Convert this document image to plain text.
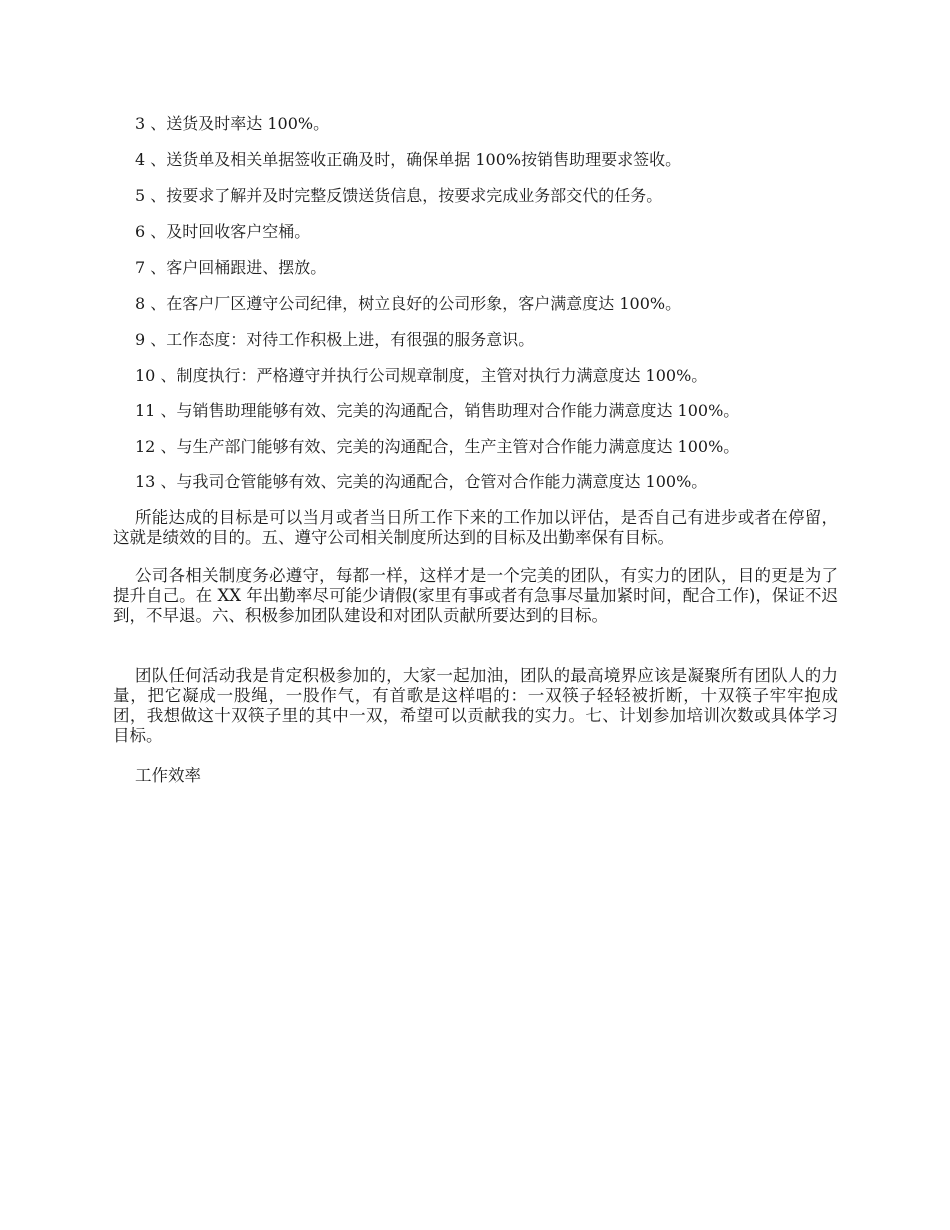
3 、送货及时率达 100%。
4 、送货单及相关单据签收正确及时，确保单据 100%按销售助理要求签收。
5 、按要求了解并及时完整反馈送货信息，按要求完成业务部交代的任务。
6 、及时回收客户空桶。
7 、客户回桶跟进、摆放。
8 、在客户厂区遵守公司纪律，树立良好的公司形象，客户满意度达 100%。
9 、工作态度：对待工作积极上进，有很强的服务意识。
10 、制度执行：严格遵守并执行公司规章制度，主管对执行力满意度达 100%。
11 、与销售助理能够有效、完美的沟通配合，销售助理对合作能力满意度达 100%。
12 、与生产部门能够有效、完美的沟通配合，生产主管对合作能力满意度达 100%。
13 、与我司仓管能够有效、完美的沟通配合，仓管对合作能力满意度达 100%。
所能达成的目标是可以当月或者当日所工作下来的工作加以评估，是否自己有进步或者在停留，这就是绩效的目的。五、遵守公司相关制度所达到的目标及出勤率保有目标。
公司各相关制度务必遵守，每都一样，这样才是一个完美的团队，有实力的团队，目的更是为了提升自己。在 XX 年出勤率尽可能少请假(家里有事或者有急事尽量加紧时间，配合工作)，保证不迟到，不早退。六、积极参加团队建设和对团队贡献所要达到的目标。
团队任何活动我是肯定积极参加的，大家一起加油，团队的最高境界应该是凝聚所有团队人的力量，把它凝成一股绳，一股作气，有首歌是这样唱的：一双筷子轻轻被折断，十双筷子牢牢抱成团，我想做这十双筷子里的其中一双，希望可以贡献我的实力。七、计划参加培训次数或具体学习目标。
工作效率
